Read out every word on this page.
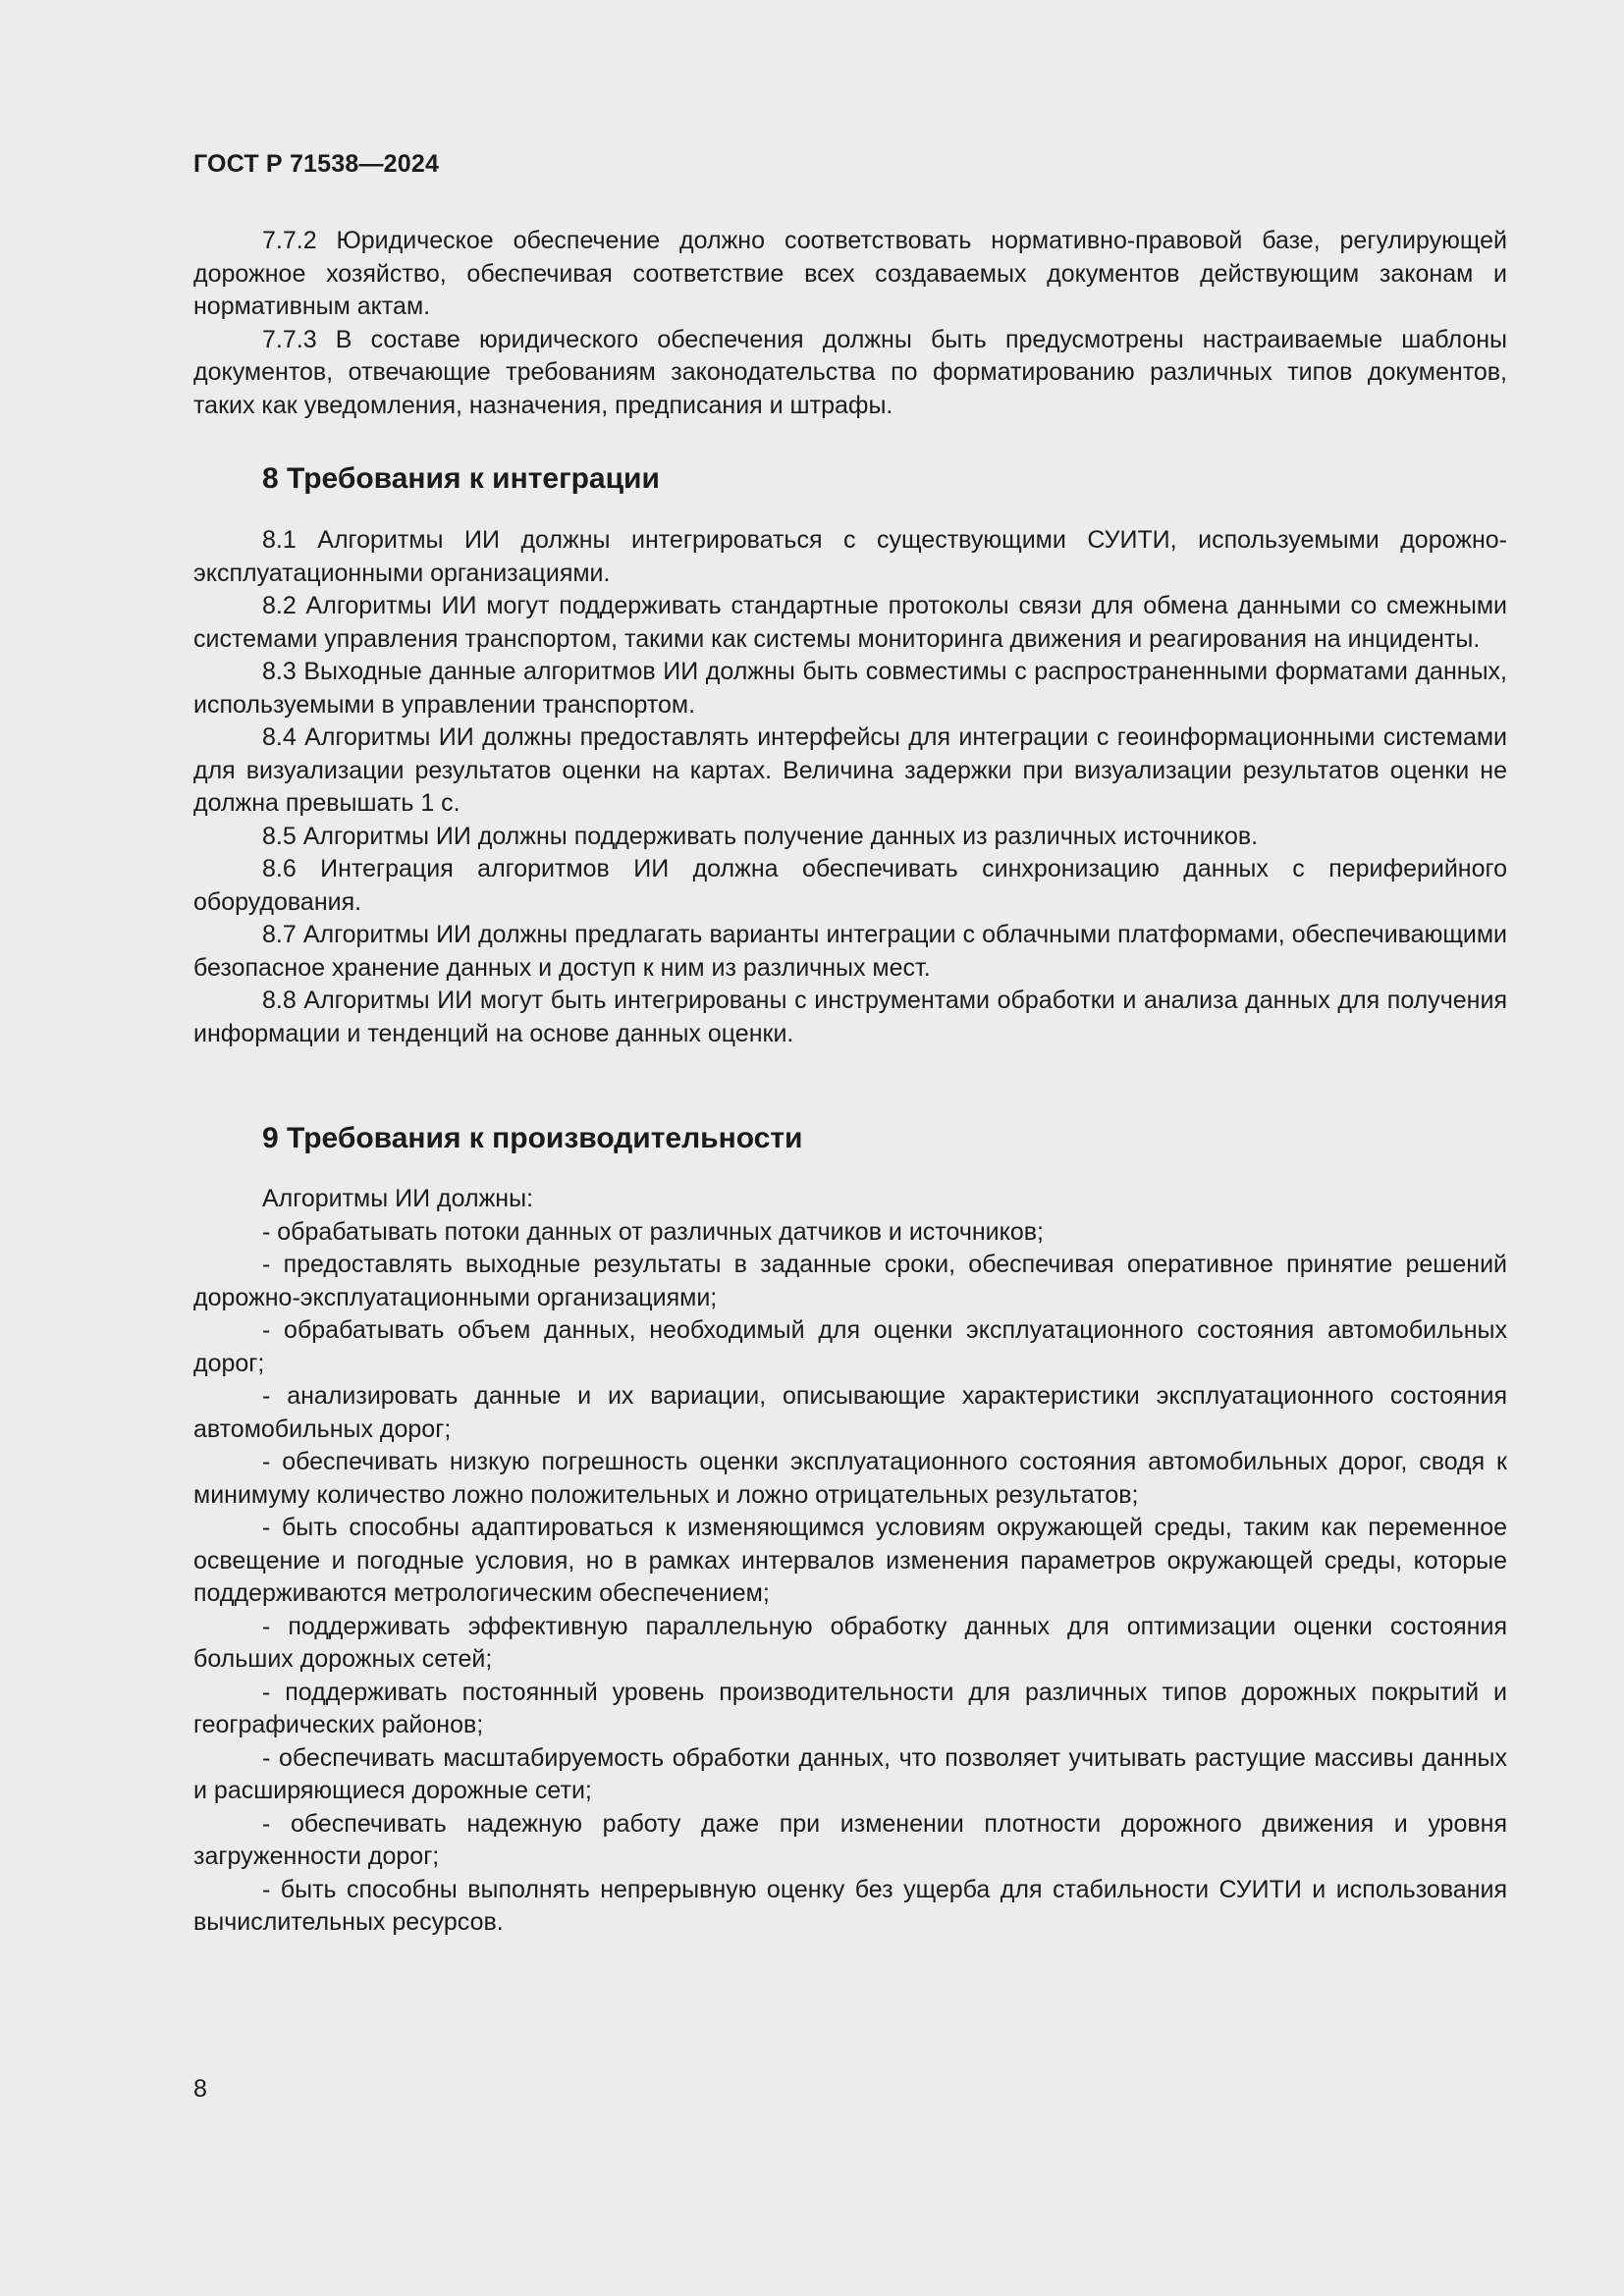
ГОСТ Р 71538—2024

7.7.2 Юридическое обеспечение должно соответствовать нормативно-правовой базе, регулирующей дорожное хозяйство, обеспечивая соответствие всех создаваемых документов действующим законам и нормативным актам.

7.7.3 В составе юридического обеспечения должны быть предусмотрены настраиваемые шаблоны документов, отвечающие требованиям законодательства по форматированию различных типов документов, таких как уведомления, назначения, предписания и штрафы.

8 Требования к интеграции

8.1 Алгоритмы ИИ должны интегрироваться с существующими СУИТИ, используемыми дорожно-эксплуатационными организациями.

8.2 Алгоритмы ИИ могут поддерживать стандартные протоколы связи для обмена данными со смежными системами управления транспортом, такими как системы мониторинга движения и реагирования на инциденты.

8.3 Выходные данные алгоритмов ИИ должны быть совместимы с распространенными форматами данных, используемыми в управлении транспортом.

8.4 Алгоритмы ИИ должны предоставлять интерфейсы для интеграции с геоинформационными системами для визуализации результатов оценки на картах. Величина задержки при визуализации результатов оценки не должна превышать 1 с.

8.5 Алгоритмы ИИ должны поддерживать получение данных из различных источников.

8.6 Интеграция алгоритмов ИИ должна обеспечивать синхронизацию данных с периферийного оборудования.

8.7 Алгоритмы ИИ должны предлагать варианты интеграции с облачными платформами, обеспечивающими безопасное хранение данных и доступ к ним из различных мест.

8.8 Алгоритмы ИИ могут быть интегрированы с инструментами обработки и анализа данных для получения информации и тенденций на основе данных оценки.

9 Требования к производительности

Алгоритмы ИИ должны:

- обрабатывать потоки данных от различных датчиков и источников;

- предоставлять выходные результаты в заданные сроки, обеспечивая оперативное принятие решений дорожно-эксплуатационными организациями;

- обрабатывать объем данных, необходимый для оценки эксплуатационного состояния автомобильных дорог;

- анализировать данные и их вариации, описывающие характеристики эксплуатационного состояния автомобильных дорог;

- обеспечивать низкую погрешность оценки эксплуатационного состояния автомобильных дорог, сводя к минимуму количество ложно положительных и ложно отрицательных результатов;

- быть способны адаптироваться к изменяющимся условиям окружающей среды, таким как переменное освещение и погодные условия, но в рамках интервалов изменения параметров окружающей среды, которые поддерживаются метрологическим обеспечением;

- поддерживать эффективную параллельную обработку данных для оптимизации оценки состояния больших дорожных сетей;

- поддерживать постоянный уровень производительности для различных типов дорожных покрытий и географических районов;

- обеспечивать масштабируемость обработки данных, что позволяет учитывать растущие массивы данных и расширяющиеся дорожные сети;

- обеспечивать надежную работу даже при изменении плотности дорожного движения и уровня загруженности дорог;

- быть способны выполнять непрерывную оценку без ущерба для стабильности СУИТИ и использования вычислительных ресурсов.

8
